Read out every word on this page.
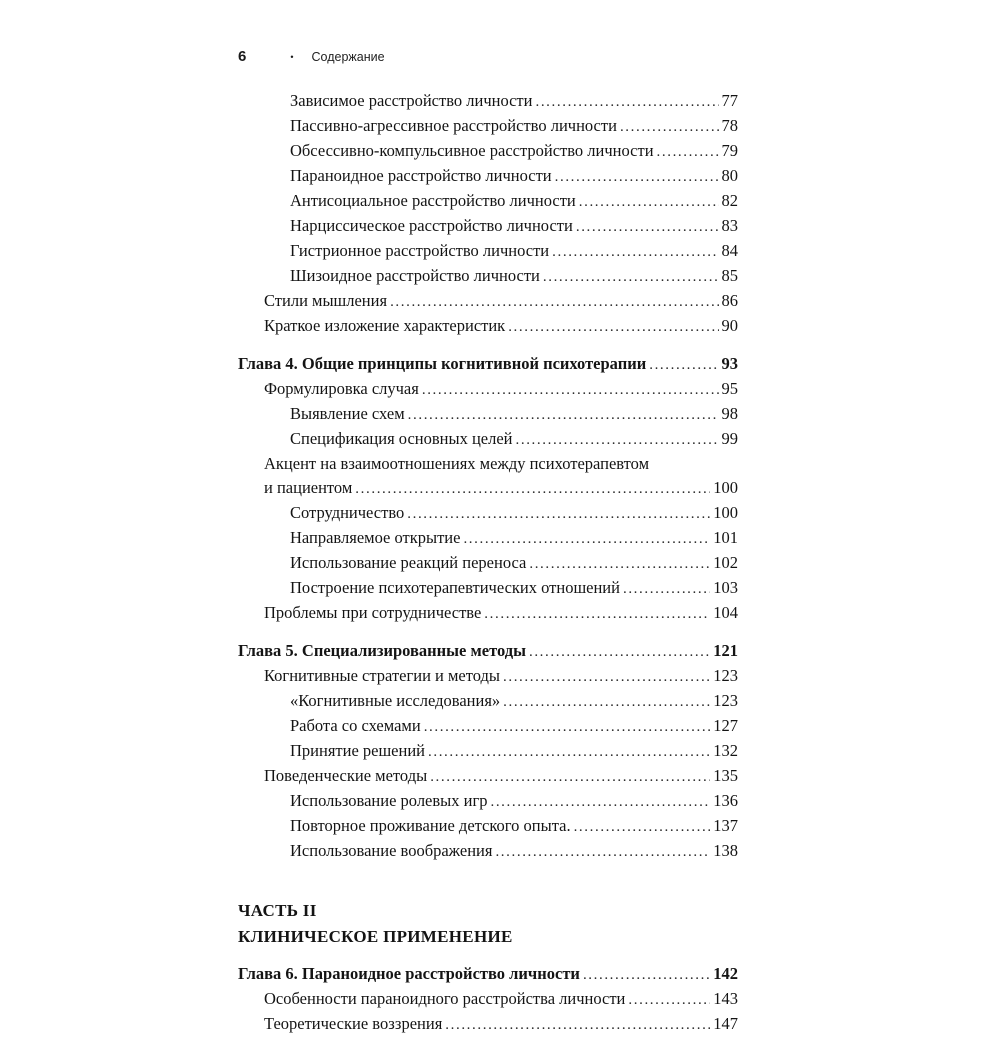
6	• Содержание
Зависимое расстройство личности .....	77
Пассивно-агрессивное расстройство личности .....	78
Обсессивно-компульсивное расстройство личности .....	79
Параноидное расстройство личности .....	80
Антисоциальное расстройство личности .....	82
Нарциссическое расстройство личности .....	83
Гистрионное расстройство личности .....	84
Шизоидное расстройство личности .....	85
Стили мышления .....	86
Краткое изложение характеристик .....	90
Глава 4. Общие принципы когнитивной психотерапии .....	93
Формулировка случая .....	95
Выявление схем .....	98
Спецификация основных целей .....	99
Акцент на взаимоотношениях между психотерапевтом
и пациентом .....	100
Сотрудничество .....	100
Направляемое открытие .....	101
Использование реакций переноса .....	102
Построение психотерапевтических отношений .....	103
Проблемы при сотрудничестве .....	104
Глава 5. Специализированные методы .....	121
Когнитивные стратегии и методы .....	123
«Когнитивные исследования» .....	123
Работа со схемами .....	127
Принятие решений .....	132
Поведенческие методы .....	135
Использование ролевых игр .....	136
Повторное проживание детского опыта. .....	137
Использование воображения .....	138
ЧАСТЬ II
КЛИНИЧЕСКОЕ ПРИМЕНЕНИЕ
Глава 6. Параноидное расстройство личности .....	142
Особенности параноидного расстройства личности .....	143
Теоретические воззрения .....	147
